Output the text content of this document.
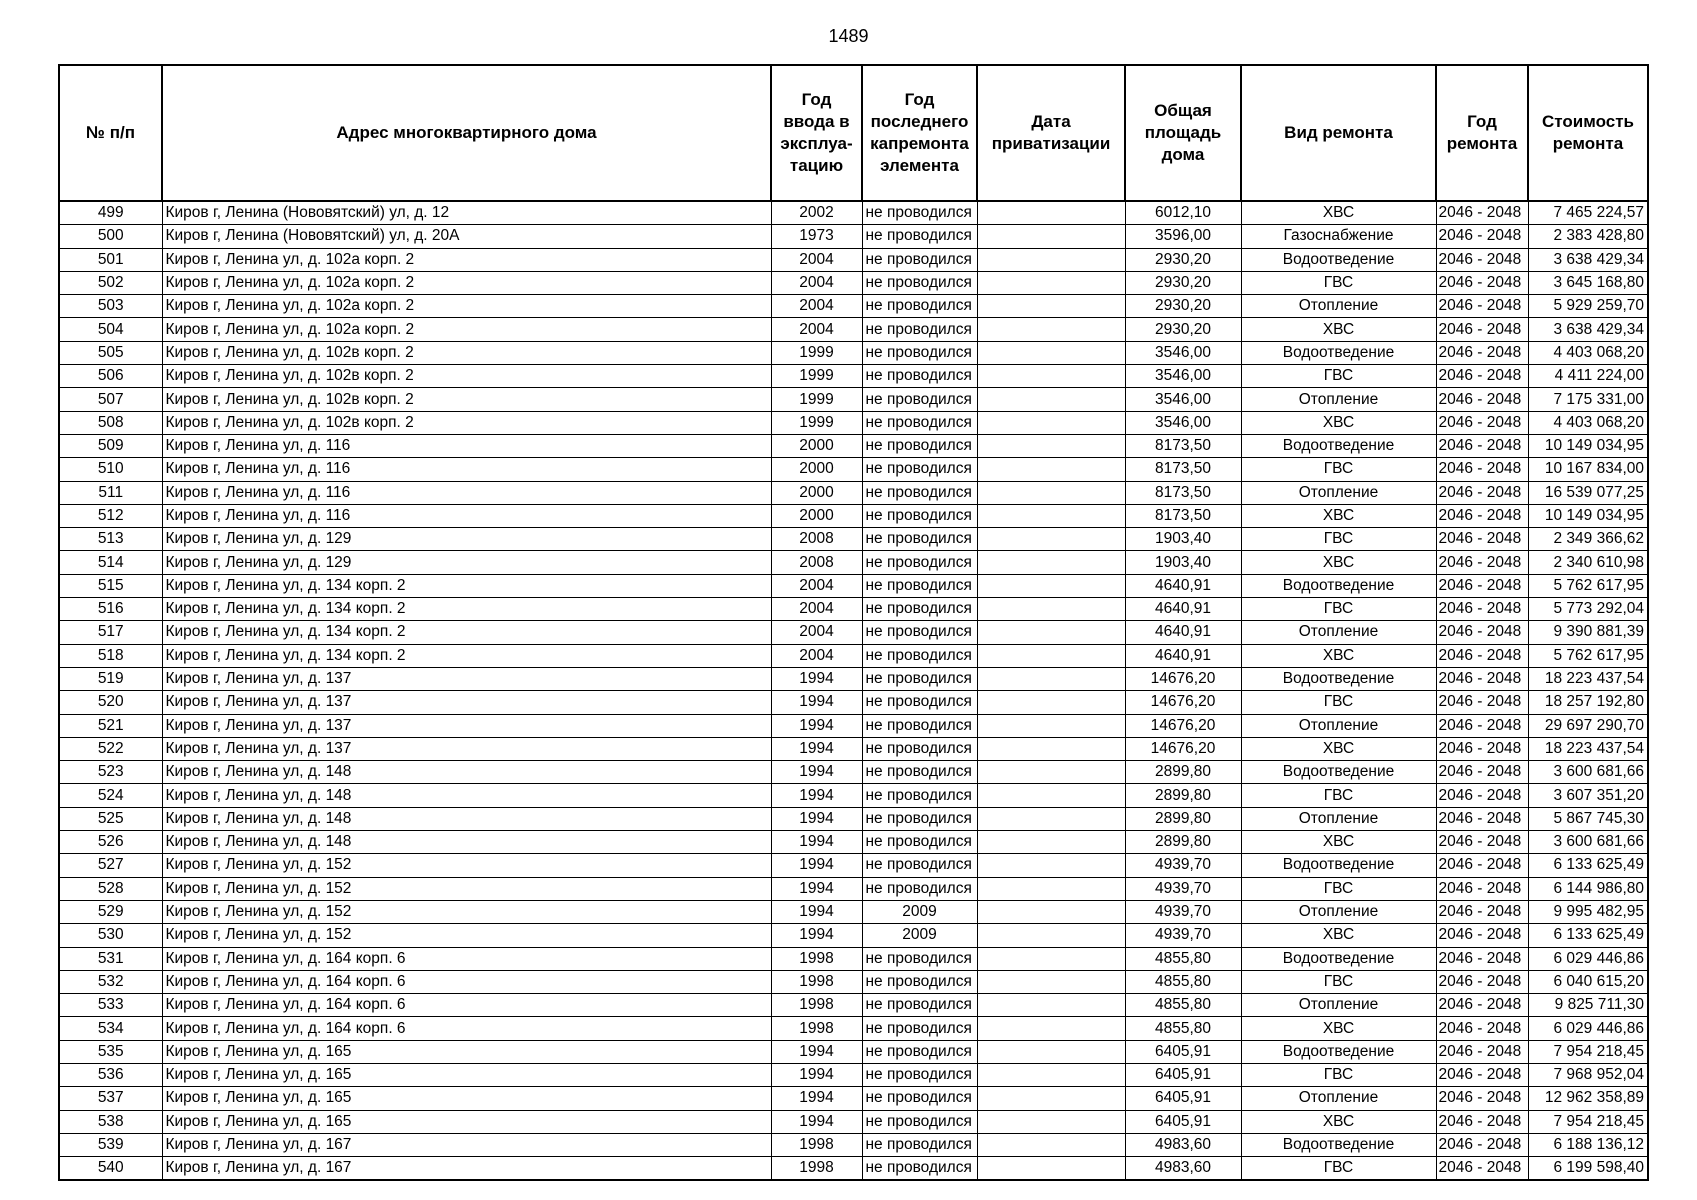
1489
№ п/п	Адрес многоквартирного дома	Год ввода в эксплуа-тацию	Год последнего капремонта элемента	Дата приватизации	Общая площадь дома	Вид ремонта	Год ремонта	Стоимость ремонта
499	Киров г, Ленина (Нововятский) ул, д. 12	2002	не проводился		6012,10	ХВС	2046 - 2048	7 465 224,57
500	Киров г, Ленина (Нововятский) ул, д. 20А	1973	не проводился		3596,00	Газоснабжение	2046 - 2048	2 383 428,80
501	Киров г, Ленина ул, д. 102а корп. 2	2004	не проводился		2930,20	Водоотведение	2046 - 2048	3 638 429,34
502	Киров г, Ленина ул, д. 102а корп. 2	2004	не проводился		2930,20	ГВС	2046 - 2048	3 645 168,80
503	Киров г, Ленина ул, д. 102а корп. 2	2004	не проводился		2930,20	Отопление	2046 - 2048	5 929 259,70
504	Киров г, Ленина ул, д. 102а корп. 2	2004	не проводился		2930,20	ХВС	2046 - 2048	3 638 429,34
505	Киров г, Ленина ул, д. 102в корп. 2	1999	не проводился		3546,00	Водоотведение	2046 - 2048	4 403 068,20
506	Киров г, Ленина ул, д. 102в корп. 2	1999	не проводился		3546,00	ГВС	2046 - 2048	4 411 224,00
507	Киров г, Ленина ул, д. 102в корп. 2	1999	не проводился		3546,00	Отопление	2046 - 2048	7 175 331,00
508	Киров г, Ленина ул, д. 102в корп. 2	1999	не проводился		3546,00	ХВС	2046 - 2048	4 403 068,20
509	Киров г, Ленина ул, д. 116	2000	не проводился		8173,50	Водоотведение	2046 - 2048	10 149 034,95
510	Киров г, Ленина ул, д. 116	2000	не проводился		8173,50	ГВС	2046 - 2048	10 167 834,00
511	Киров г, Ленина ул, д. 116	2000	не проводился		8173,50	Отопление	2046 - 2048	16 539 077,25
512	Киров г, Ленина ул, д. 116	2000	не проводился		8173,50	ХВС	2046 - 2048	10 149 034,95
513	Киров г, Ленина ул, д. 129	2008	не проводился		1903,40	ГВС	2046 - 2048	2 349 366,62
514	Киров г, Ленина ул, д. 129	2008	не проводился		1903,40	ХВС	2046 - 2048	2 340 610,98
515	Киров г, Ленина ул, д. 134 корп. 2	2004	не проводился		4640,91	Водоотведение	2046 - 2048	5 762 617,95
516	Киров г, Ленина ул, д. 134 корп. 2	2004	не проводился		4640,91	ГВС	2046 - 2048	5 773 292,04
517	Киров г, Ленина ул, д. 134 корп. 2	2004	не проводился		4640,91	Отопление	2046 - 2048	9 390 881,39
518	Киров г, Ленина ул, д. 134 корп. 2	2004	не проводился		4640,91	ХВС	2046 - 2048	5 762 617,95
519	Киров г, Ленина ул, д. 137	1994	не проводился		14676,20	Водоотведение	2046 - 2048	18 223 437,54
520	Киров г, Ленина ул, д. 137	1994	не проводился		14676,20	ГВС	2046 - 2048	18 257 192,80
521	Киров г, Ленина ул, д. 137	1994	не проводился		14676,20	Отопление	2046 - 2048	29 697 290,70
522	Киров г, Ленина ул, д. 137	1994	не проводился		14676,20	ХВС	2046 - 2048	18 223 437,54
523	Киров г, Ленина ул, д. 148	1994	не проводился		2899,80	Водоотведение	2046 - 2048	3 600 681,66
524	Киров г, Ленина ул, д. 148	1994	не проводился		2899,80	ГВС	2046 - 2048	3 607 351,20
525	Киров г, Ленина ул, д. 148	1994	не проводился		2899,80	Отопление	2046 - 2048	5 867 745,30
526	Киров г, Ленина ул, д. 148	1994	не проводился		2899,80	ХВС	2046 - 2048	3 600 681,66
527	Киров г, Ленина ул, д. 152	1994	не проводился		4939,70	Водоотведение	2046 - 2048	6 133 625,49
528	Киров г, Ленина ул, д. 152	1994	не проводился		4939,70	ГВС	2046 - 2048	6 144 986,80
529	Киров г, Ленина ул, д. 152	1994	2009		4939,70	Отопление	2046 - 2048	9 995 482,95
530	Киров г, Ленина ул, д. 152	1994	2009		4939,70	ХВС	2046 - 2048	6 133 625,49
531	Киров г, Ленина ул, д. 164 корп. 6	1998	не проводился		4855,80	Водоотведение	2046 - 2048	6 029 446,86
532	Киров г, Ленина ул, д. 164 корп. 6	1998	не проводился		4855,80	ГВС	2046 - 2048	6 040 615,20
533	Киров г, Ленина ул, д. 164 корп. 6	1998	не проводился		4855,80	Отопление	2046 - 2048	9 825 711,30
534	Киров г, Ленина ул, д. 164 корп. 6	1998	не проводился		4855,80	ХВС	2046 - 2048	6 029 446,86
535	Киров г, Ленина ул, д. 165	1994	не проводился		6405,91	Водоотведение	2046 - 2048	7 954 218,45
536	Киров г, Ленина ул, д. 165	1994	не проводился		6405,91	ГВС	2046 - 2048	7 968 952,04
537	Киров г, Ленина ул, д. 165	1994	не проводился		6405,91	Отопление	2046 - 2048	12 962 358,89
538	Киров г, Ленина ул, д. 165	1994	не проводился		6405,91	ХВС	2046 - 2048	7 954 218,45
539	Киров г, Ленина ул, д. 167	1998	не проводился		4983,60	Водоотведение	2046 - 2048	6 188 136,12
540	Киров г, Ленина ул, д. 167	1998	не проводился		4983,60	ГВС	2046 - 2048	6 199 598,40
